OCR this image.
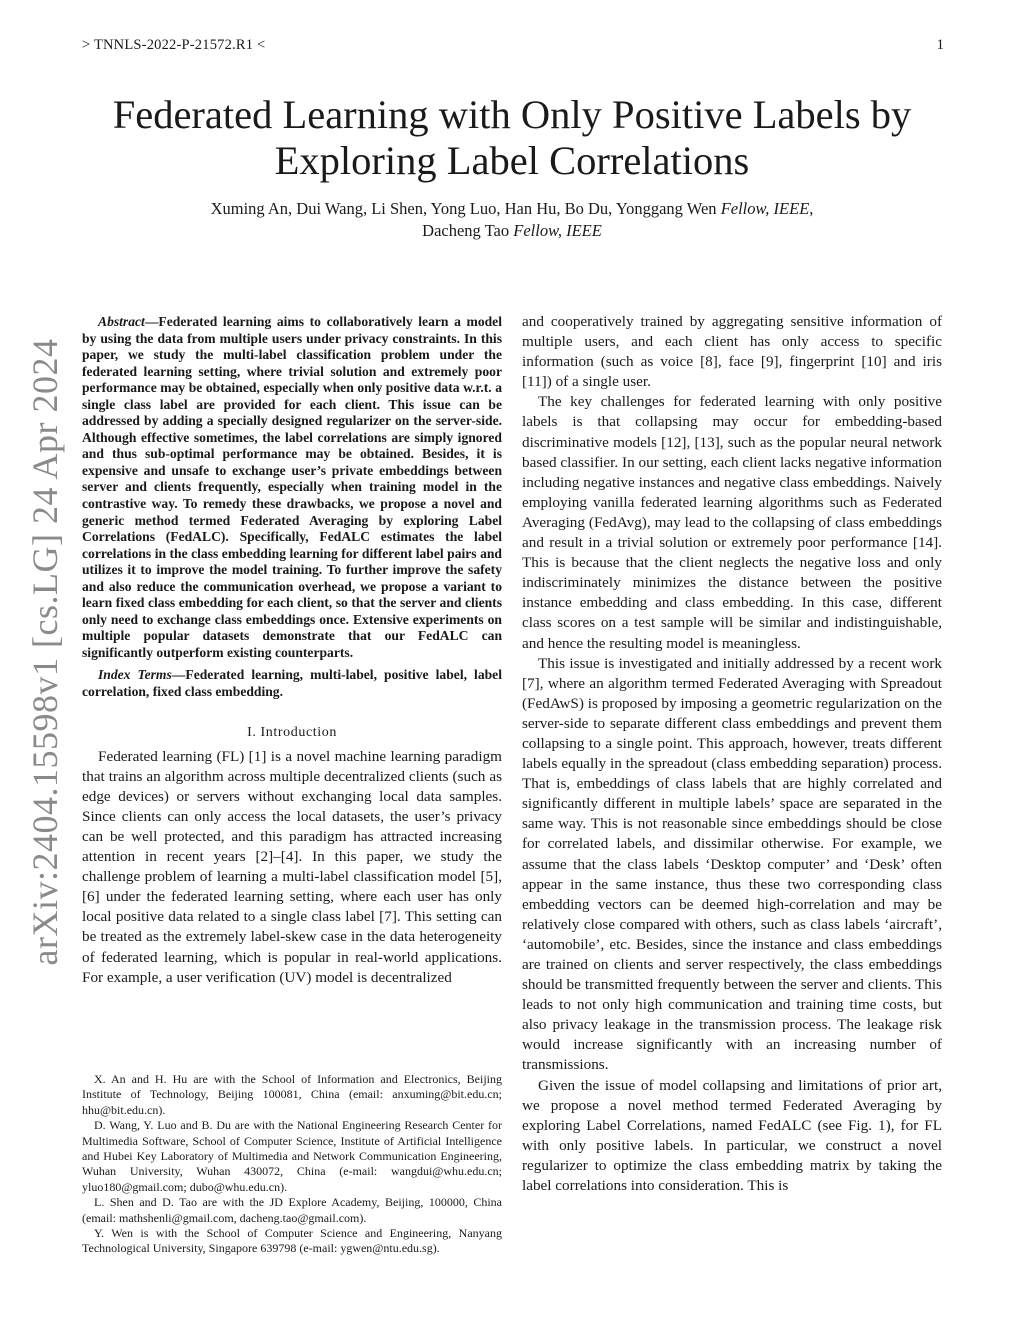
> TNNLS-2022-P-21572.R1 <	1
arXiv:2404.15598v1 [cs.LG] 24 Apr 2024
Federated Learning with Only Positive Labels by Exploring Label Correlations
Xuming An, Dui Wang, Li Shen, Yong Luo, Han Hu, Bo Du, Yonggang Wen Fellow, IEEE,
Dacheng Tao Fellow, IEEE

Abstract—Federated learning aims to collaboratively learn a model by using the data from multiple users under privacy constraints. In this paper, we study the multi-label classification problem under the federated learning setting, where trivial solution and extremely poor performance may be obtained, especially when only positive data w.r.t. a single class label are provided for each client. This issue can be addressed by adding a specially designed regularizer on the server-side. Although effective sometimes, the label correlations are simply ignored and thus sub-optimal performance may be obtained. Besides, it is expensive and unsafe to exchange user’s private embeddings between server and clients frequently, especially when training model in the contrastive way. To remedy these drawbacks, we propose a novel and generic method termed Federated Averaging by exploring Label Correlations (FedALC). Specifically, FedALC estimates the label correlations in the class embedding learning for different label pairs and utilizes it to improve the model training. To further improve the safety and also reduce the communication overhead, we propose a variant to learn fixed class embedding for each client, so that the server and clients only need to exchange class embeddings once. Extensive experiments on multiple popular datasets demonstrate that our FedALC can significantly outperform existing counterparts.

Index Terms—Federated learning, multi-label, positive label, label correlation, fixed class embedding.
I. Introduction

Federated learning (FL) [1] is a novel machine learning paradigm that trains an algorithm across multiple decentralized clients (such as edge devices) or servers without exchanging local data samples. Since clients can only access the local datasets, the user’s privacy can be well protected, and this paradigm has attracted increasing attention in recent years [2]–[4]. In this paper, we study the challenge problem of learning a multi-label classification model [5], [6] under the federated learning setting, where each user has only local positive data related to a single class label [7]. This setting can be treated as the extremely label-skew case in the data heterogeneity of federated learning, which is popular in real-world applications. For example, a user verification (UV) model is decentralized

X. An and H. Hu are with the School of Information and Electronics, Beijing Institute of Technology, Beijing 100081, China (email: anxuming@bit.edu.cn; hhu@bit.edu.cn).

D. Wang, Y. Luo and B. Du are with the National Engineering Research Center for Multimedia Software, School of Computer Science, Institute of Artificial Intelligence and Hubei Key Laboratory of Multimedia and Network Communication Engineering, Wuhan University, Wuhan 430072, China (e-mail: wangdui@whu.edu.cn; yluo180@gmail.com; dubo@whu.edu.cn).

L. Shen and D. Tao are with the JD Explore Academy, Beijing, 100000, China (email: mathshenli@gmail.com, dacheng.tao@gmail.com).

Y. Wen is with the School of Computer Science and Engineering, Nanyang Technological University, Singapore 639798 (e-mail: ygwen@ntu.edu.sg).

and cooperatively trained by aggregating sensitive information of multiple users, and each client has only access to specific information (such as voice [8], face [9], fingerprint [10] and iris [11]) of a single user.

The key challenges for federated learning with only positive labels is that collapsing may occur for embedding-based discriminative models [12], [13], such as the popular neural network based classifier. In our setting, each client lacks negative information including negative instances and negative class embeddings. Naively employing vanilla federated learning algorithms such as Federated Averaging (FedAvg), may lead to the collapsing of class embeddings and result in a trivial solution or extremely poor performance [14]. This is because that the client neglects the negative loss and only indiscriminately minimizes the distance between the positive instance embedding and class embedding. In this case, different class scores on a test sample will be similar and indistinguishable, and hence the resulting model is meaningless.

This issue is investigated and initially addressed by a recent work [7], where an algorithm termed Federated Averaging with Spreadout (FedAwS) is proposed by imposing a geometric regularization on the server-side to separate different class embeddings and prevent them collapsing to a single point. This approach, however, treats different labels equally in the spreadout (class embedding separation) process. That is, embeddings of class labels that are highly correlated and significantly different in multiple labels’ space are separated in the same way. This is not reasonable since embeddings should be close for correlated labels, and dissimilar otherwise. For example, we assume that the class labels ‘Desktop computer’ and ‘Desk’ often appear in the same instance, thus these two corresponding class embedding vectors can be deemed high-correlation and may be relatively close compared with others, such as class labels ‘aircraft’, ‘automobile’, etc. Besides, since the instance and class embeddings are trained on clients and server respectively, the class embeddings should be transmitted frequently between the server and clients. This leads to not only high communication and training time costs, but also privacy leakage in the transmission process. The leakage risk would increase significantly with an increasing number of transmissions.

Given the issue of model collapsing and limitations of prior art, we propose a novel method termed Federated Averaging by exploring Label Correlations, named FedALC (see Fig. 1), for FL with only positive labels. In particular, we construct a novel regularizer to optimize the class embedding matrix by taking the label correlations into consideration. This is
